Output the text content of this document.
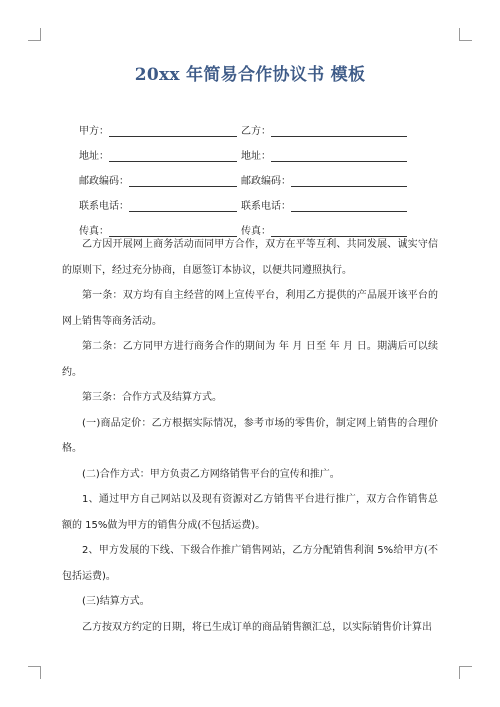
20xx 年简易合作协议书 模板
甲方：	乙方：
地址：	地址：
邮政编码：	邮政编码：
联系电话：	联系电话：
传真：	传真：

乙方因开展网上商务活动而同甲方合作，双方在平等互利、共同发展、诚实守信的原则下，经过充分协商，自愿签订本协议，以便共同遵照执行。

第一条：双方均有自主经营的网上宣传平台，利用乙方提供的产品展开该平台的网上销售等商务活动。

第二条：乙方同甲方进行商务合作的期间为 年 月 日至 年 月 日。期满后可以续约。

第三条：合作方式及结算方式。

(一)商品定价：乙方根据实际情况，参考市场的零售价，制定网上销售的合理价格。

(二)合作方式：甲方负责乙方网络销售平台的宣传和推广。

1、通过甲方自己网站以及现有资源对乙方销售平台进行推广，双方合作销售总额的 15%做为甲方的销售分成(不包括运费)。

2、甲方发展的下线、下级合作推广销售网站，乙方分配销售利润 5%给甲方(不包括运费)。

(三)结算方式。

乙方按双方约定的日期，将已生成订单的商品销售额汇总，以实际销售价计算出
